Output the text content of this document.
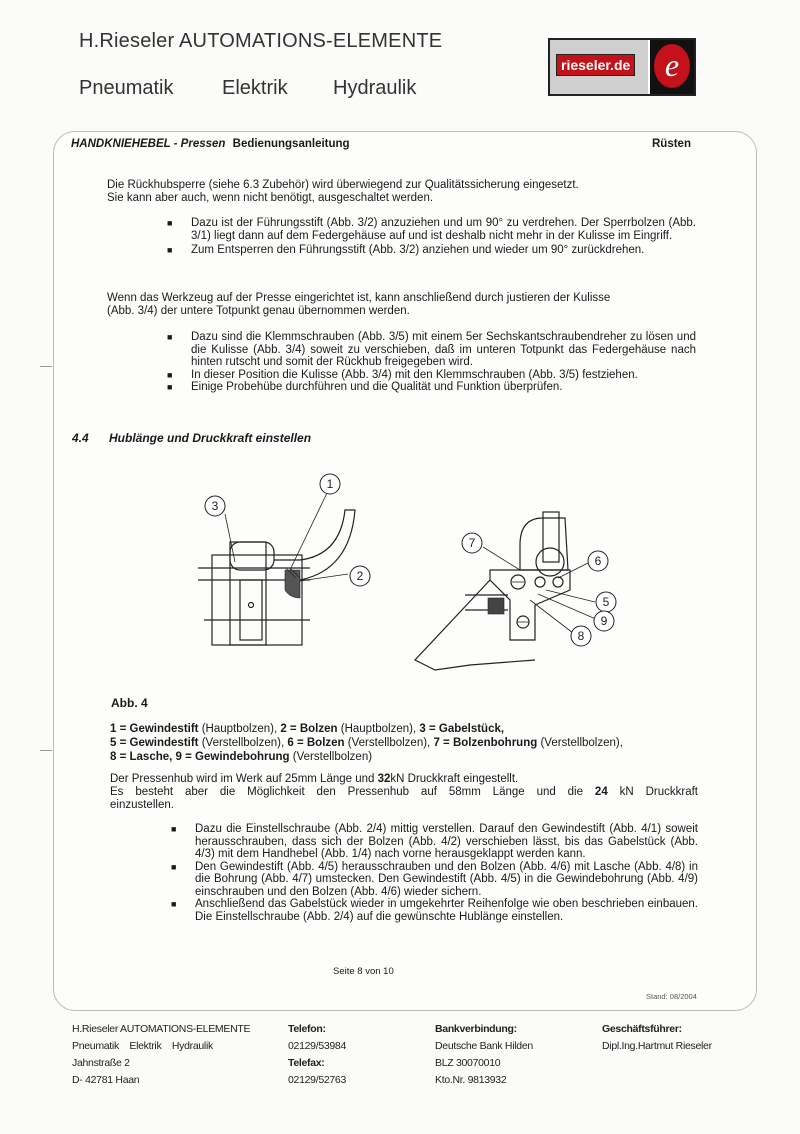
H.Rieseler AUTOMATIONS-ELEMENTE
Pneumatik Elektrik Hydraulik
rieseler.de	e
HANDKNIEHEBEL - Pressen Bedienungsanleitung	Rüsten
Die Rückhubsperre (siehe 6.3 Zubehör) wird überwiegend zur Qualitätssicherung eingesetzt.
Sie kann aber auch, wenn nicht benötigt, ausgeschaltet werden.
■ Dazu ist der Führungsstift (Abb. 3/2) anzuziehen und um 90° zu verdrehen. Der Sperrbolzen (Abb. 3/1) liegt dann auf dem Federgehäuse auf und ist deshalb nicht mehr in der Kulisse im Eingriff.
■ Zum Entsperren den Führungsstift (Abb. 3/2) anziehen und wieder um 90° zurückdrehen.
Wenn das Werkzeug auf der Presse eingerichtet ist, kann anschließend durch justieren der Kulisse
(Abb. 3/4) der untere Totpunkt genau übernommen werden.
■ Dazu sind die Klemmschrauben (Abb. 3/5) mit einem 5er Sechskantschraubendreher zu lösen und die Kulisse (Abb. 3/4) soweit zu verschieben, daß im unteren Totpunkt das Federgehäuse nach hinten rutscht und somit der Rückhub freigegeben wird.
■ In dieser Position die Kulisse (Abb. 3/4) mit den Klemmschrauben (Abb. 3/5) festziehen.
■ Einige Probehübe durchführen und die Qualität und Funktion überprüfen.
4.4 Hublänge und Druckkraft einstellen
3
1
2
7
6
5
9
8
Abb. 4
1 = Gewindestift (Hauptbolzen), 2 = Bolzen (Hauptbolzen), 3 = Gabelstück,
5 = Gewindestift (Verstellbolzen), 6 = Bolzen (Verstellbolzen), 7 = Bolzenbohrung (Verstellbolzen),
8 = Lasche, 9 = Gewindebohrung (Verstellbolzen)
Der Pressenhub wird im Werk auf 25mm Länge und 32kN Druckkraft eingestellt.
Es besteht aber die Möglichkeit den Pressenhub auf 58mm Länge und die 24 kN Druckkraft
einzustellen.
■ Dazu die Einstellschraube (Abb. 2/4) mittig verstellen. Darauf den Gewindestift (Abb. 4/1) soweit herausschrauben, dass sich der Bolzen (Abb. 4/2) verschieben lässt, bis das Gabelstück (Abb. 4/3) mit dem Handhebel (Abb. 1/4) nach vorne herausgeklappt werden kann.
■ Den Gewindestift (Abb. 4/5) herausschrauben und den Bolzen (Abb. 4/6) mit Lasche (Abb. 4/8) in die Bohrung (Abb. 4/7) umstecken. Den Gewindestift (Abb. 4/5) in die Gewindebohrung (Abb. 4/9) einschrauben und den Bolzen (Abb. 4/6) wieder sichern.
■ Anschließend das Gabelstück wieder in umgekehrter Reihenfolge wie oben beschrieben einbauen. Die Einstellschraube (Abb. 2/4) auf die gewünschte Hublänge einstellen.
Seite 8 von 10
Stand: 08/2004
H.Rieseler AUTOMATIONS-ELEMENTE
Pneumatik    Elektrik    Hydraulik
Jahnstraße 2
D- 42781 Haan
Telefon:
02129/53984
Telefax:
02129/52763
Bankverbindung:
Deutsche Bank Hilden
BLZ 30070010
Kto.Nr. 9813932
Geschäftsführer:
Dipl.Ing.Hartmut Rieseler
